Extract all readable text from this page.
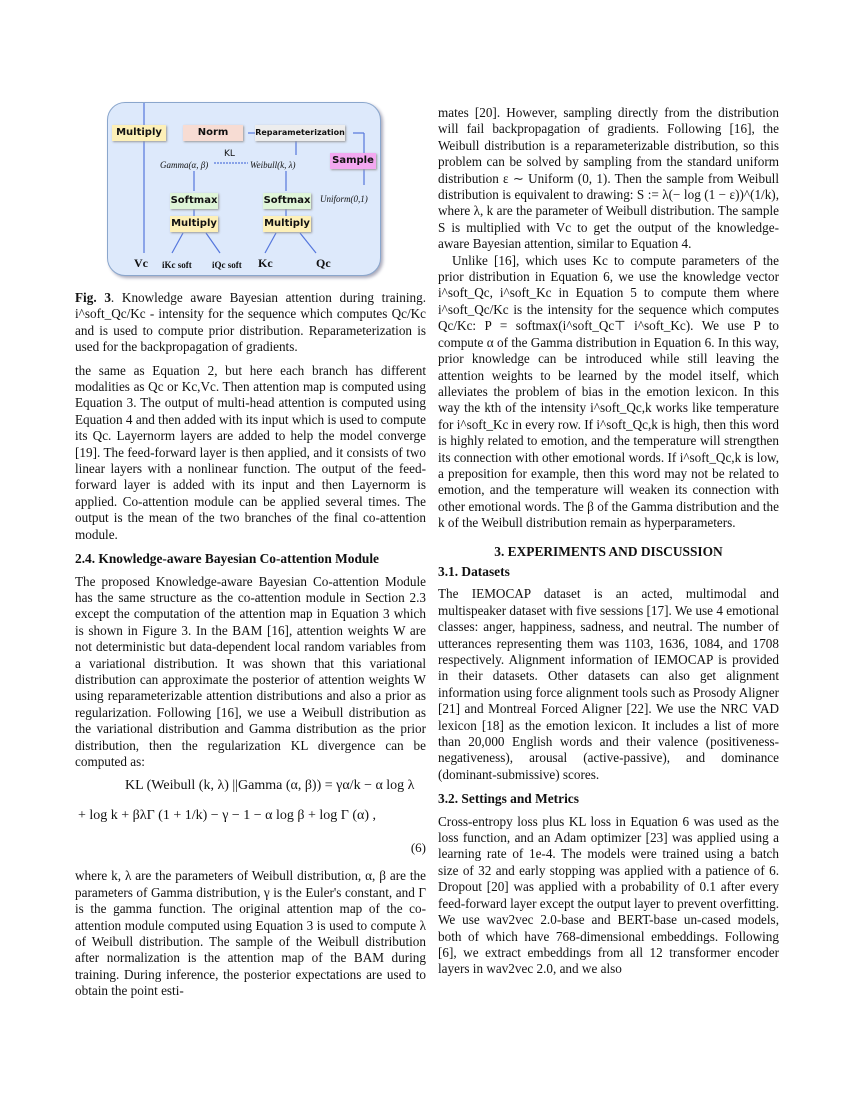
Multiply	Norm	Reparameterization
Sample
Softmax	Softmax
Multiply	Multiply
Gamma(α, β)
KL
Weibull(k, λ)
Uniform(0,1)
Vc iKc soft iQc soft Kc	Qc
Fig. 3. Knowledge aware Bayesian attention during training. i^soft_Qc/Kc - intensity for the sequence which computes Qc/Kc and is used to compute prior distribution. Reparameterization is used for the backpropagation of gradients.

the same as Equation 2, but here each branch has different modalities as Qc or Kc,Vc. Then attention map is computed using Equation 3. The output of multi-head attention is computed using Equation 4 and then added with its input which is used to compute its Qc. Layernorm layers are added to help the model converge [19]. The feed-forward layer is then applied, and it consists of two linear layers with a nonlinear function. The output of the feed-forward layer is added with its input and then Layernorm is applied. Co-attention module can be applied several times. The output is the mean of the two branches of the final co-attention module.

2.4. Knowledge-aware Bayesian Co-attention Module

The proposed Knowledge-aware Bayesian Co-attention Module has the same structure as the co-attention module in Section 2.3 except the computation of the attention map in Equation 3 which is shown in Figure 3. In the BAM [16], attention weights W are not deterministic but data-dependent local random variables from a variational distribution. It was shown that this variational distribution can approximate the posterior of attention weights W using reparameterizable attention distributions and also a prior as regularization. Following [16], we use a Weibull distribution as the variational distribution and Gamma distribution as the prior distribution, then the regularization KL divergence can be computed as:

KL (Weibull (k, λ) ||Gamma (α, β)) = γα/k − α log λ
+ log k + βλΓ (1 + 1/k) − γ − 1 − α log β + log Γ (α) ,
(6)

where k, λ are the parameters of Weibull distribution, α, β are the parameters of Gamma distribution, γ is the Euler's constant, and Γ is the gamma function. The original attention map of the co-attention module computed using Equation 3 is used to compute λ of Weibull distribution. The sample of the Weibull distribution after normalization is the attention map of the BAM during training. During inference, the posterior expectations are used to obtain the point esti-

mates [20]. However, sampling directly from the distribution will fail backpropagation of gradients. Following [16], the Weibull distribution is a reparameterizable distribution, so this problem can be solved by sampling from the standard uniform distribution ε ∼ Uniform (0, 1). Then the sample from Weibull distribution is equivalent to drawing: S := λ(− log (1 − ε))^(1/k), where λ, k are the parameter of Weibull distribution. The sample S is multiplied with Vc to get the output of the knowledge-aware Bayesian attention, similar to Equation 4.

Unlike [16], which uses Kc to compute parameters of the prior distribution in Equation 6, we use the knowledge vector i^soft_Qc, i^soft_Kc in Equation 5 to compute them where i^soft_Qc/Kc is the intensity for the sequence which computes Qc/Kc: P = softmax(i^soft_Qc⊤ i^soft_Kc). We use P to compute α of the Gamma distribution in Equation 6. In this way, prior knowledge can be introduced while still leaving the attention weights to be learned by the model itself, which alleviates the problem of bias in the emotion lexicon. In this way the kth of the intensity i^soft_Qc,k works like temperature for i^soft_Kc in every row. If i^soft_Qc,k is high, then this word is highly related to emotion, and the temperature will strengthen its connection with other emotional words. If i^soft_Qc,k is low, a preposition for example, then this word may not be related to emotion, and the temperature will weaken its connection with other emotional words. The β of the Gamma distribution and the k of the Weibull distribution remain as hyperparameters.

3. EXPERIMENTS AND DISCUSSION
3.1. Datasets

The IEMOCAP dataset is an acted, multimodal and multispeaker dataset with five sessions [17]. We use 4 emotional classes: anger, happiness, sadness, and neutral. The number of utterances representing them was 1103, 1636, 1084, and 1708 respectively. Alignment information of IEMOCAP is provided in their datasets. Other datasets can also get alignment information using force alignment tools such as Prosody Aligner [21] and Montreal Forced Aligner [22]. We use the NRC VAD lexicon [18] as the emotion lexicon. It includes a list of more than 20,000 English words and their valence (positiveness-negativeness), arousal (active-passive), and dominance (dominant-submissive) scores.

3.2. Settings and Metrics

Cross-entropy loss plus KL loss in Equation 6 was used as the loss function, and an Adam optimizer [23] was applied using a learning rate of 1e-4. The models were trained using a batch size of 32 and early stopping was applied with a patience of 6. Dropout [20] was applied with a probability of 0.1 after every feed-forward layer except the output layer to prevent overfitting. We use wav2vec 2.0-base and BERT-base un-cased models, both of which have 768-dimensional embeddings. Following [6], we extract embeddings from all 12 transformer encoder layers in wav2vec 2.0, and we also
